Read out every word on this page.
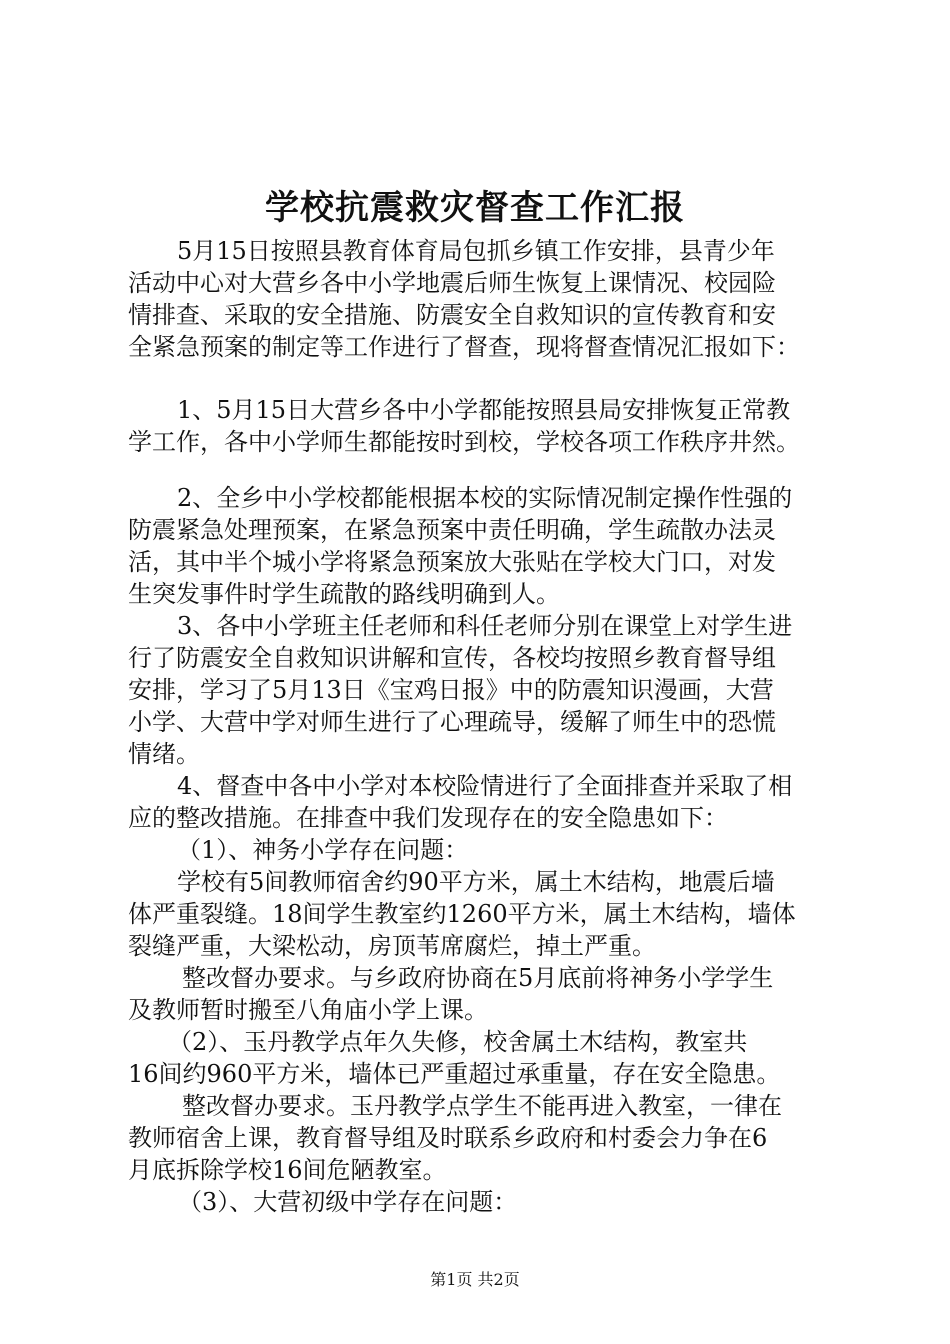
学校抗震救灾督查工作汇报
5月15日按照县教育体育局包抓乡镇工作安排，县青少年
活动中心对大营乡各中小学地震后师生恢复上课情况、校园险
情排查、采取的安全措施、防震安全自救知识的宣传教育和安
全紧急预案的制定等工作进行了督查，现将督查情况汇报如下：
1、5月15日大营乡各中小学都能按照县局安排恢复正常教
学工作，各中小学师生都能按时到校，学校各项工作秩序井然。
2、全乡中小学校都能根据本校的实际情况制定操作性强的
防震紧急处理预案，在紧急预案中责任明确，学生疏散办法灵
活，其中半个城小学将紧急预案放大张贴在学校大门口，对发
生突发事件时学生疏散的路线明确到人。
3、各中小学班主任老师和科任老师分别在课堂上对学生进
行了防震安全自救知识讲解和宣传，各校均按照乡教育督导组
安排，学习了5月13日《宝鸡日报》中的防震知识漫画，大营
小学、大营中学对师生进行了心理疏导，缓解了师生中的恐慌
情绪。
4、督查中各中小学对本校险情进行了全面排查并采取了相
应的整改措施。在排查中我们发现存在的安全隐患如下：
（1）、神务小学存在问题：
学校有5间教师宿舍约90平方米，属土木结构，地震后墙
体严重裂缝。18间学生教室约1260平方米，属土木结构，墙体
裂缝严重，大梁松动，房顶苇席腐烂，掉土严重。
整改督办要求。与乡政府协商在5月底前将神务小学学生
及教师暂时搬至八角庙小学上课。
（2）、玉丹教学点年久失修，校舍属土木结构，教室共
16间约960平方米，墙体已严重超过承重量，存在安全隐患。
整改督办要求。玉丹教学点学生不能再进入教室，一律在
教师宿舍上课，教育督导组及时联系乡政府和村委会力争在6
月底拆除学校16间危陋教室。
（3）、大营初级中学存在问题：
第1页 共2页
